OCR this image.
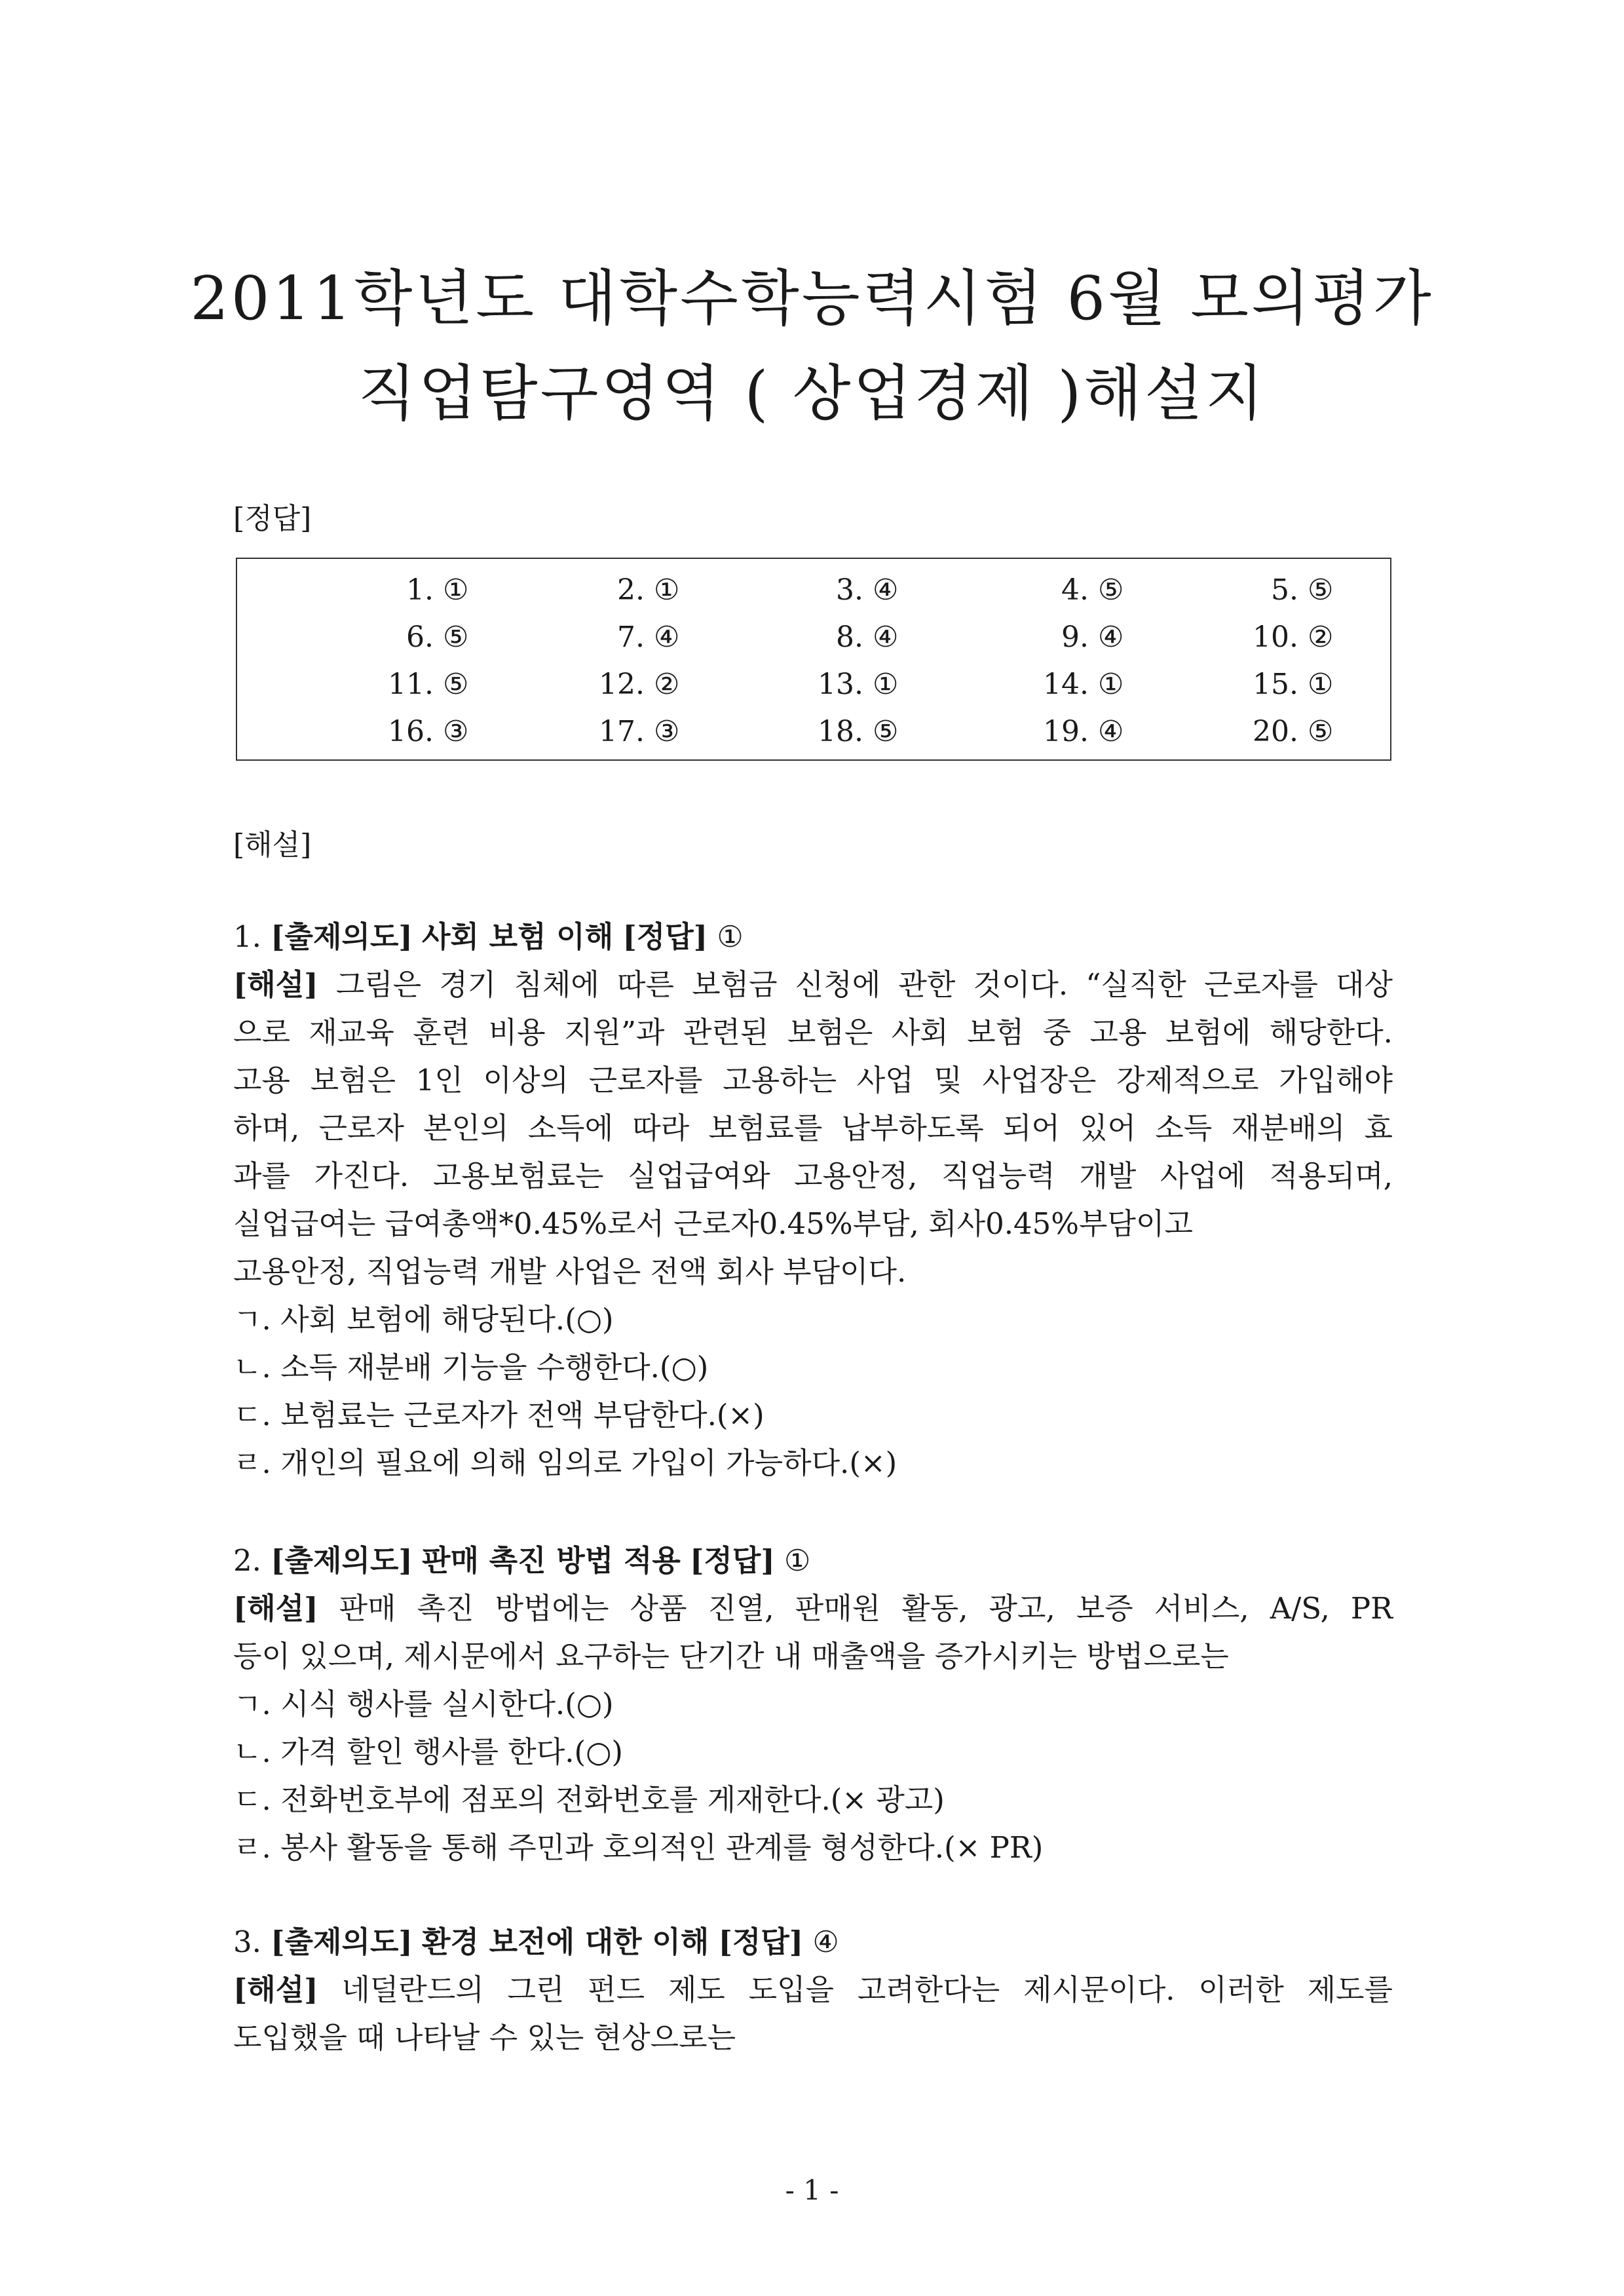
2011학년도 대학수학능력시험 6월 모의평가
직업탐구영역 ( 상업경제 )해설지
[정답]
1. ①	2. ①	3. ④	4. ⑤	5. ⑤
6. ⑤	7. ④	8. ④	9. ④	10. ②
11. ⑤	12. ②	13. ①	14. ①	15. ①
16. ③	17. ③	18. ⑤	19. ④	20. ⑤
[해설]
1. [출제의도] 사회 보험 이해 [정답] ①
[해설] 그림은 경기 침체에 따른 보험금 신청에 관한 것이다. “실직한 근로자를 대상
으로 재교육 훈련 비용 지원”과 관련된 보험은 사회 보험 중 고용 보험에 해당한다.
고용 보험은 1인 이상의 근로자를 고용하는 사업 및 사업장은 강제적으로 가입해야
하며, 근로자 본인의 소득에 따라 보험료를 납부하도록 되어 있어 소득 재분배의 효
과를 가진다. 고용보험료는 실업급여와 고용안정, 직업능력 개발 사업에 적용되며,
실업급여는 급여총액*0.45%로서 근로자0.45%부담, 회사0.45%부담이고
고용안정, 직업능력 개발 사업은 전액 회사 부담이다.
ㄱ. 사회 보험에 해당된다.(○)
ㄴ. 소득 재분배 기능을 수행한다.(○)
ㄷ. 보험료는 근로자가 전액 부담한다.(×)
ㄹ. 개인의 필요에 의해 임의로 가입이 가능하다.(×)
2. [출제의도] 판매 촉진 방법 적용 [정답] ①
[해설] 판매 촉진 방법에는 상품 진열, 판매원 활동, 광고, 보증 서비스, A/S, PR
등이 있으며, 제시문에서 요구하는 단기간 내 매출액을 증가시키는 방법으로는
ㄱ. 시식 행사를 실시한다.(○)
ㄴ. 가격 할인 행사를 한다.(○)
ㄷ. 전화번호부에 점포의 전화번호를 게재한다.(× 광고)
ㄹ. 봉사 활동을 통해 주민과 호의적인 관계를 형성한다.(× PR)
3. [출제의도] 환경 보전에 대한 이해 [정답] ④
[해설] 네덜란드의 그린 펀드 제도 도입을 고려한다는 제시문이다. 이러한 제도를
도입했을 때 나타날 수 있는 현상으로는
- 1 -
